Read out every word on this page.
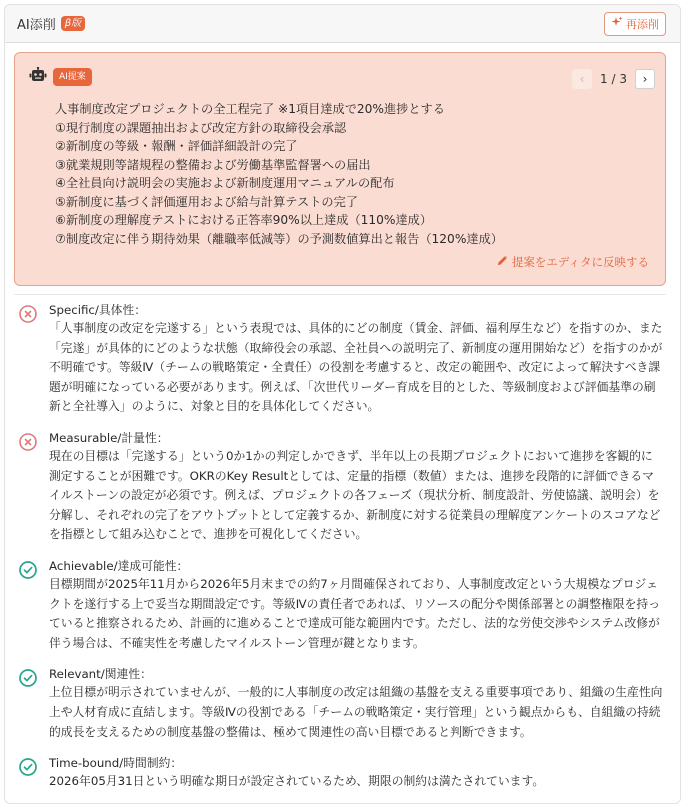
AI添削 β版	再添削
AI提案	‹ 1 / 3 ›
人事制度改定プロジェクトの全工程完了 ※1項目達成で20%進捗とする
①現行制度の課題抽出および改定方針の取締役会承認
②新制度の等級・報酬・評価詳細設計の完了
③就業規則等諸規程の整備および労働基準監督署への届出
④全社員向け説明会の実施および新制度運用マニュアルの配布
⑤新制度に基づく評価運用および給与計算テストの完了
⑥新制度の理解度テストにおける正答率90%以上達成（110%達成）
⑦制度改定に伴う期待効果（離職率低減等）の予測数値算出と報告（120%達成）
提案をエディタに反映する
Specific/具体性：
「人事制度の改定を完遂する」という表現では、具体的にどの制度（賃金、評価、福利厚生など）を指すのか、また「完遂」が具体的にどのような状態（取締役会の承認、全社員への説明完了、新制度の運用開始など）を指すのかが不明確です。等級Ⅳ（チームの戦略策定・全責任）の役割を考慮すると、改定の範囲や、改定によって解決すべき課題が明確になっている必要があります。例えば、「次世代リーダー育成を目的とした、等級制度および評価基準の刷新と全社導入」のように、対象と目的を具体化してください。
Measurable/計量性：
現在の目標は「完遂する」という0か1かの判定しかできず、半年以上の長期プロジェクトにおいて進捗を客観的に測定することが困難です。OKRのKey Resultとしては、定量的指標（数値）または、進捗を段階的に評価できるマイルストーンの設定が必須です。例えば、プロジェクトの各フェーズ（現状分析、制度設計、労使協議、説明会）を分解し、それぞれの完了をアウトプットとして定義するか、新制度に対する従業員の理解度アンケートのスコアなどを指標として組み込むことで、進捗を可視化してください。
Achievable/達成可能性：
目標期間が2025年11月から2026年5月末までの約7ヶ月間確保されており、人事制度改定という大規模なプロジェクトを遂行する上で妥当な期間設定です。等級Ⅳの責任者であれば、リソースの配分や関係部署との調整権限を持っていると推察されるため、計画的に進めることで達成可能な範囲内です。ただし、法的な労使交渉やシステム改修が伴う場合は、不確実性を考慮したマイルストーン管理が鍵となります。
Relevant/関連性：
上位目標が明示されていませんが、一般的に人事制度の改定は組織の基盤を支える重要事項であり、組織の生産性向上や人材育成に直結します。等級Ⅳの役割である「チームの戦略策定・実行管理」という観点からも、自組織の持続的成長を支えるための制度基盤の整備は、極めて関連性の高い目標であると判断できます。
Time-bound/時間制約：
2026年05月31日という明確な期日が設定されているため、期限の制約は満たされています。
